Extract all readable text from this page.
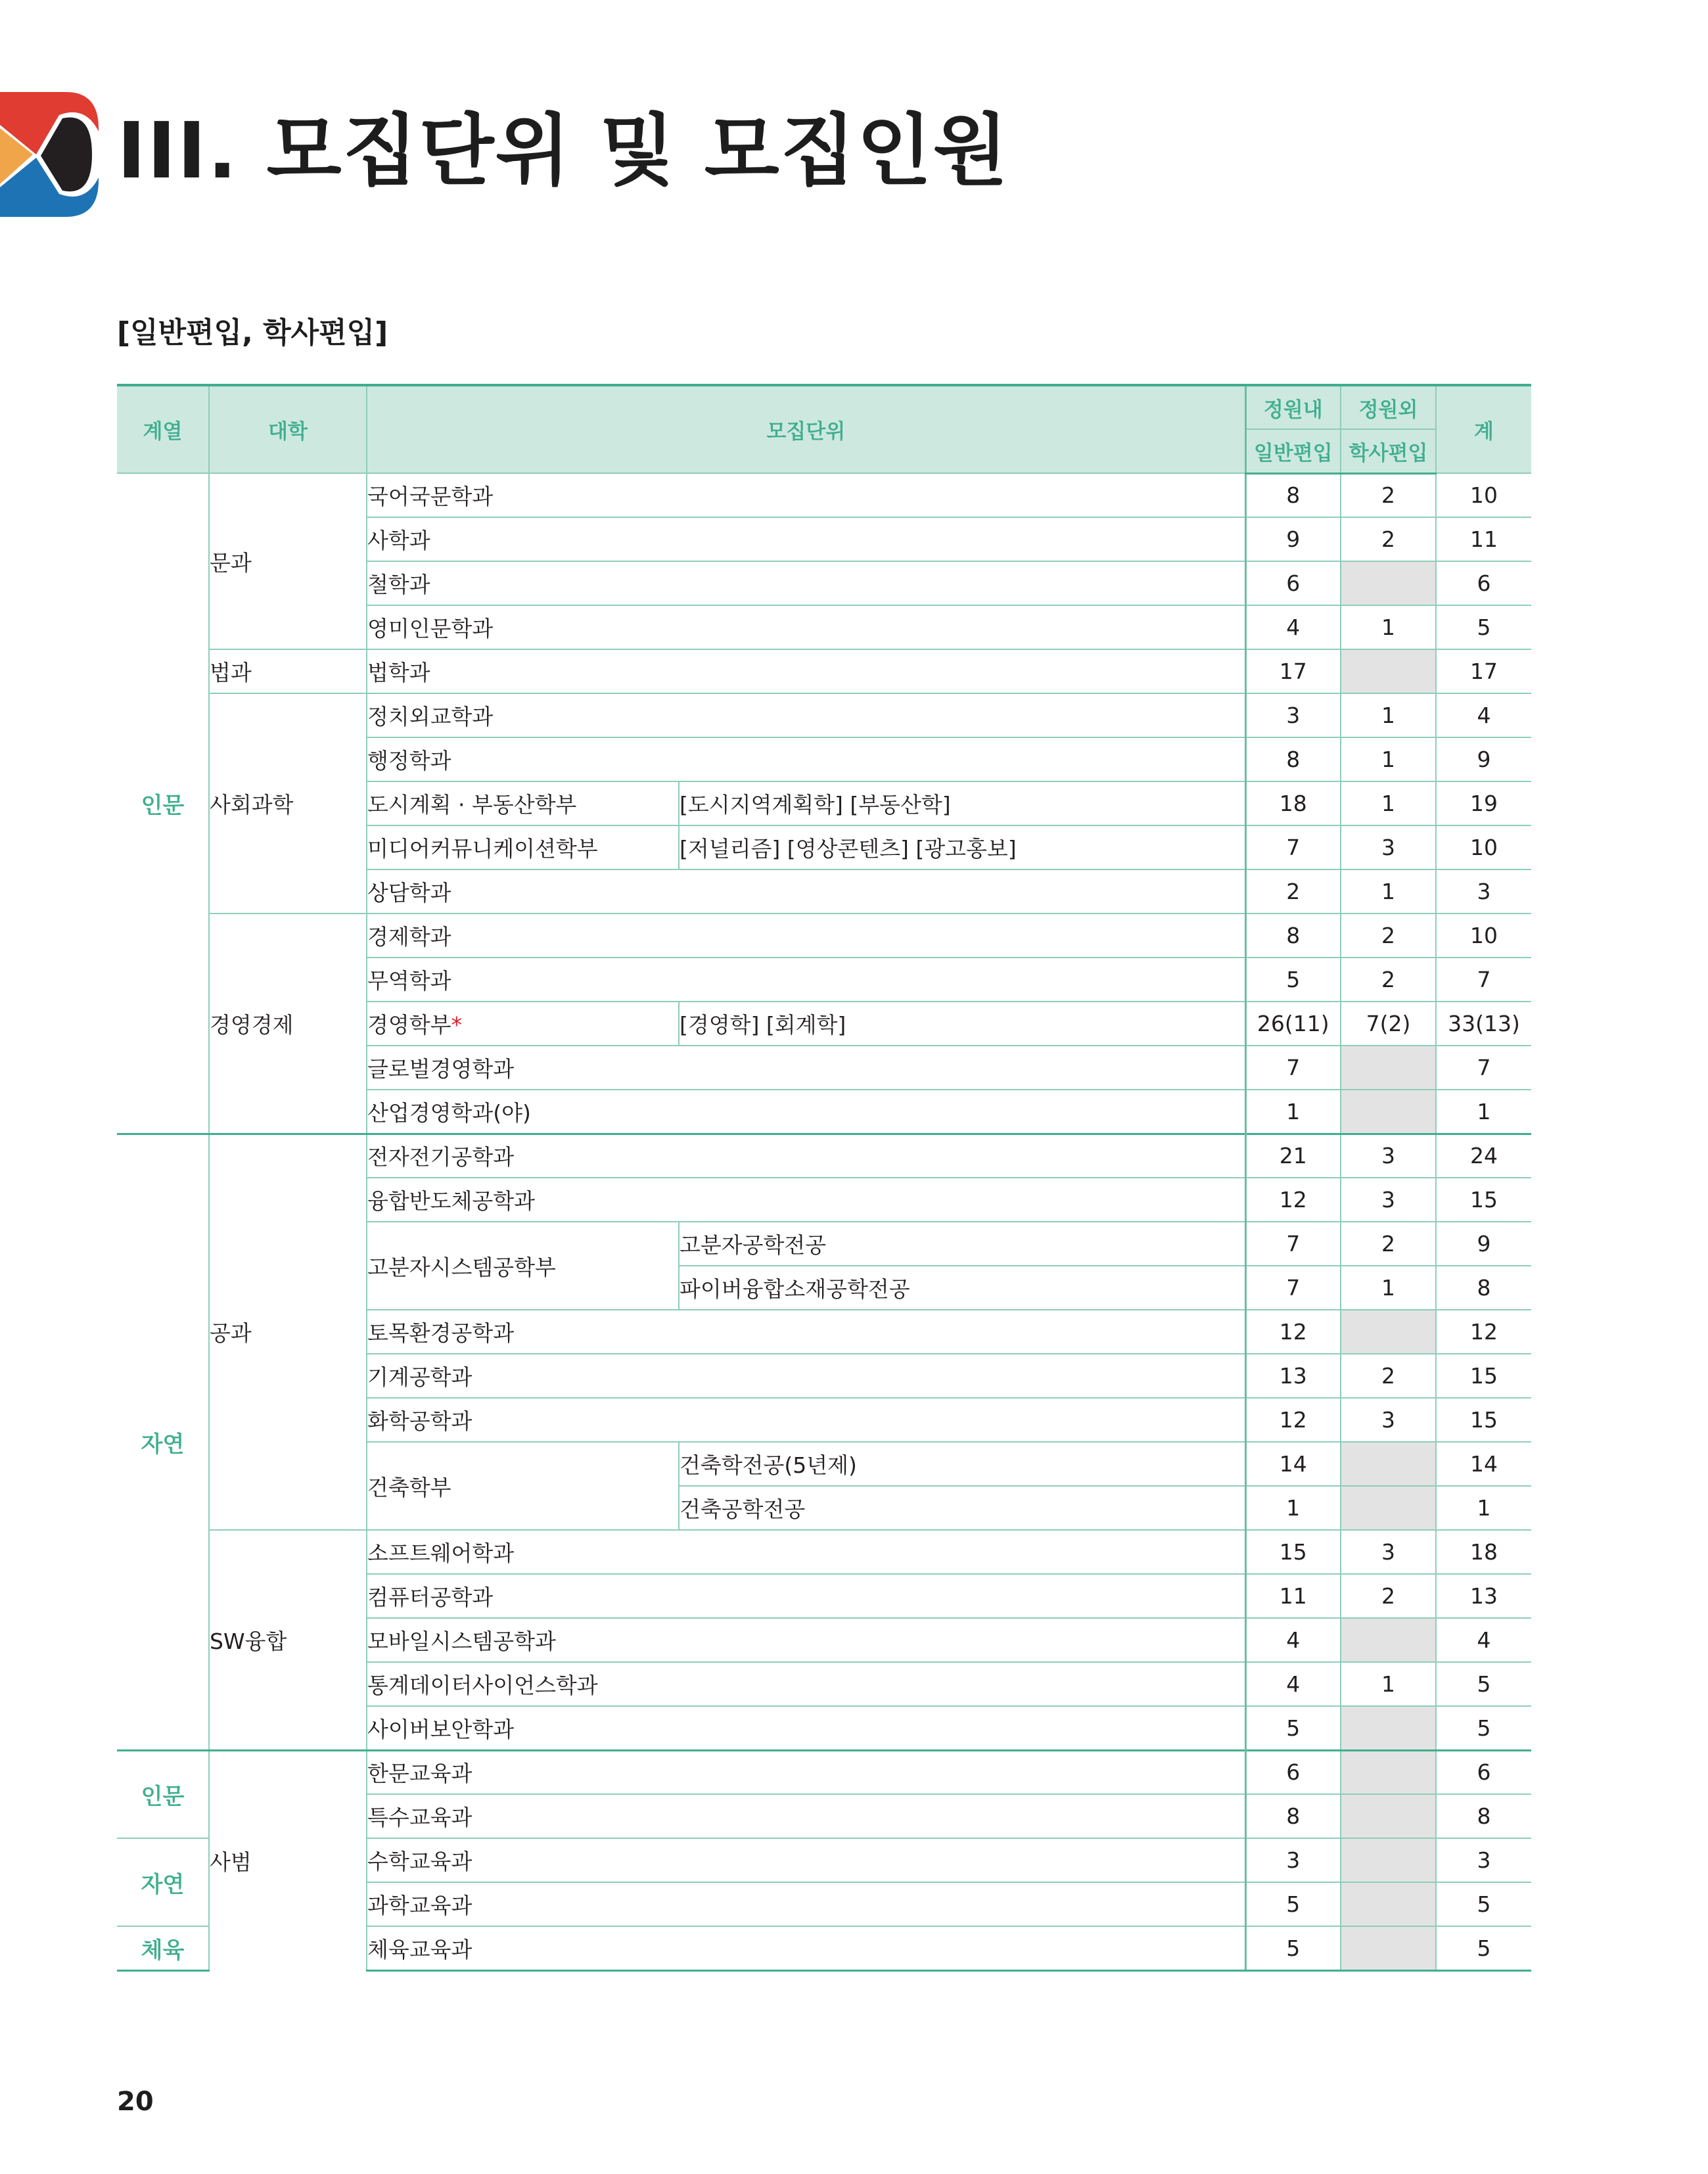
III. 모집단위 및 모집인원
[일반편입, 학사편입]
계열	대학	모집단위		정원내	정원외	계
				일반편입	학사편입	
인문	문과	국어국문학과		8	2	10
		사학과		9	2	11
		철학과		6		6
		영미인문학과		4	1	5
	법과	법학과		17		17
	사회과학	정치외교학과		3	1	4
		행정학과		8	1	9
		도시계획 · 부동산학부	[도시지역계획학] [부동산학]	18	1	19
		미디어커뮤니케이션학부	[저널리즘] [영상콘텐츠] [광고홍보]	7	3	10
		상담학과		2	1	3
	경영경제	경제학과		8	2	10
		무역학과		5	2	7
		경영학부*	[경영학] [회계학]	26(11)	7(2)	33(13)
		글로벌경영학과		7		7
		산업경영학과(야)		1		1
자연	공과	전자전기공학과		21	3	24
		융합반도체공학과		12	3	15
		고분자시스템공학부	고분자공학전공	7	2	9
			파이버융합소재공학전공	7	1	8
		토목환경공학과		12		12
		기계공학과		13	2	15
		화학공학과		12	3	15
		건축학부	건축학전공(5년제)	14		14
			건축공학전공	1		1
	SW융합	소프트웨어학과		15	3	18
		컴퓨터공학과		11	2	13
		모바일시스템공학과		4		4
		통계데이터사이언스학과		4	1	5
		사이버보안학과		5		5
인문	사범	한문교육과		6		6
		특수교육과		8		8
자연		수학교육과		3		3
		과학교육과		5		5
체육		체육교육과		5		5

20
